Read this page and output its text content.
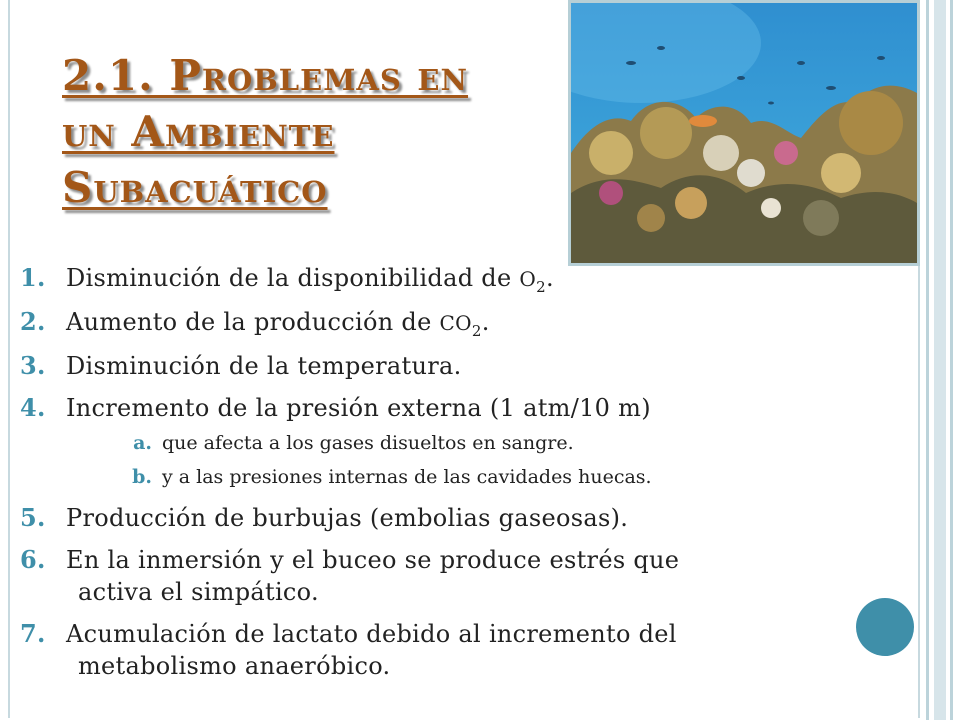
2.1. Problemas en
un Ambiente
Subacuático
1. Disminución de la disponibilidad de $O_2$.
2. Aumento de la producción de $CO_2$.
3. Disminución de la temperatura.
4. Incremento de la presión externa (1 atm/10 m)
a. que afecta a los gases disueltos en sangre.
b. y a las presiones internas de las cavidades huecas.
5. Producción de burbujas (embolias gaseosas).
6. En la inmersión y el buceo se produce estrés que
activa el simpático.
7. Acumulación de lactato debido al incremento del
metabolismo anaeróbico.
